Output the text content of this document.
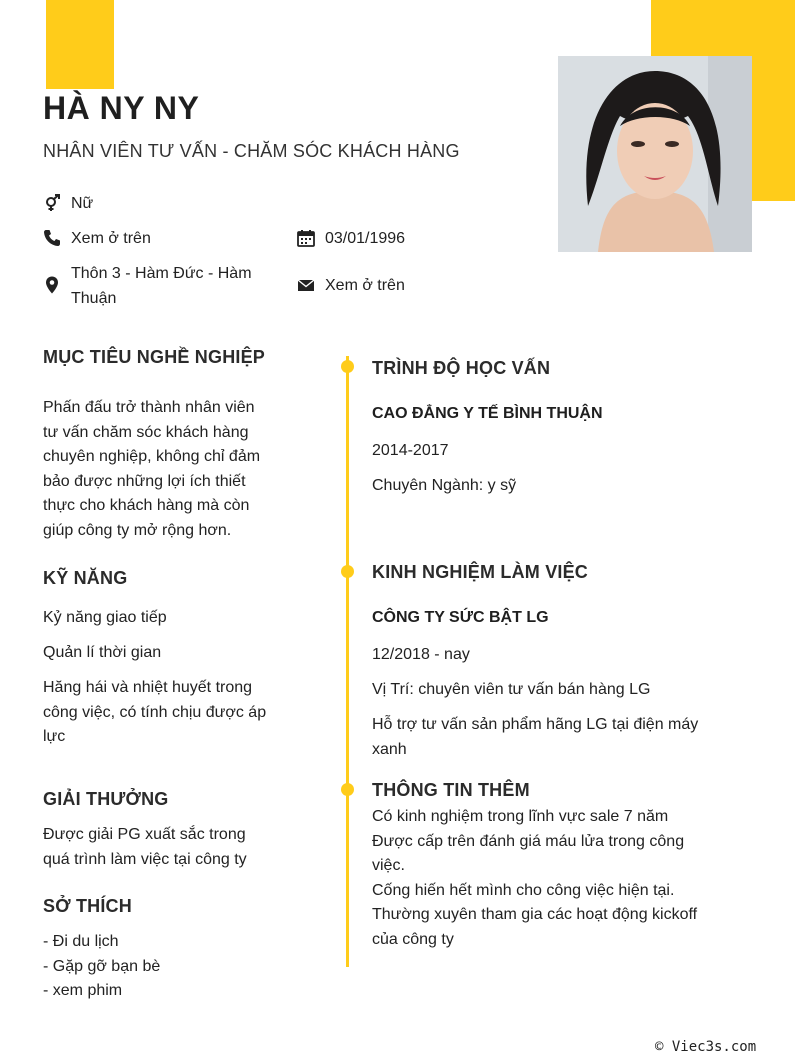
HÀ NY NY
NHÂN VIÊN TƯ VẤN - CHĂM SÓC KHÁCH HÀNG
Nữ
Xem ở trên	03/01/1996
Thôn 3 - Hàm Đức - Hàm
Thuận
Xem ở trên
MỤC TIÊU NGHỀ NGHIỆP
Phấn đấu trở thành nhân viên
tư vấn chăm sóc khách hàng
chuyên nghiệp, không chỉ đảm
bảo được những lợi ích thiết
thực cho khách hàng mà còn
giúp công ty mở rộng hơn.
KỸ NĂNG
Kỷ năng giao tiếp
Quản lí thời gian
Hăng hái và nhiệt huyết trong
công việc, có tính chịu được áp
lực
GIẢI THƯỞNG
Được giải PG xuất sắc trong
quá trình làm việc tại công ty
SỞ THÍCH
- Đi du lịch
- Gặp gỡ bạn bè
- xem phim
TRÌNH ĐỘ HỌC VẤN
CAO ĐẲNG Y TẾ BÌNH THUẬN
2014-2017
Chuyên Ngành: y sỹ
KINH NGHIỆM LÀM VIỆC
CÔNG TY SỨC BẬT LG
12/2018 - nay
Vị Trí: chuyên viên tư vấn bán hàng LG
Hỗ trợ tư vấn sản phẩm hãng LG tại điện máy
xanh
THÔNG TIN THÊM
Có kinh nghiệm trong lĩnh vực sale 7 năm
Được cấp trên đánh giá máu lửa trong công
việc.
Cống hiến hết mình cho công việc hiện tại.
Thường xuyên tham gia các hoạt động kickoff
của công ty
© Viec3s.com
